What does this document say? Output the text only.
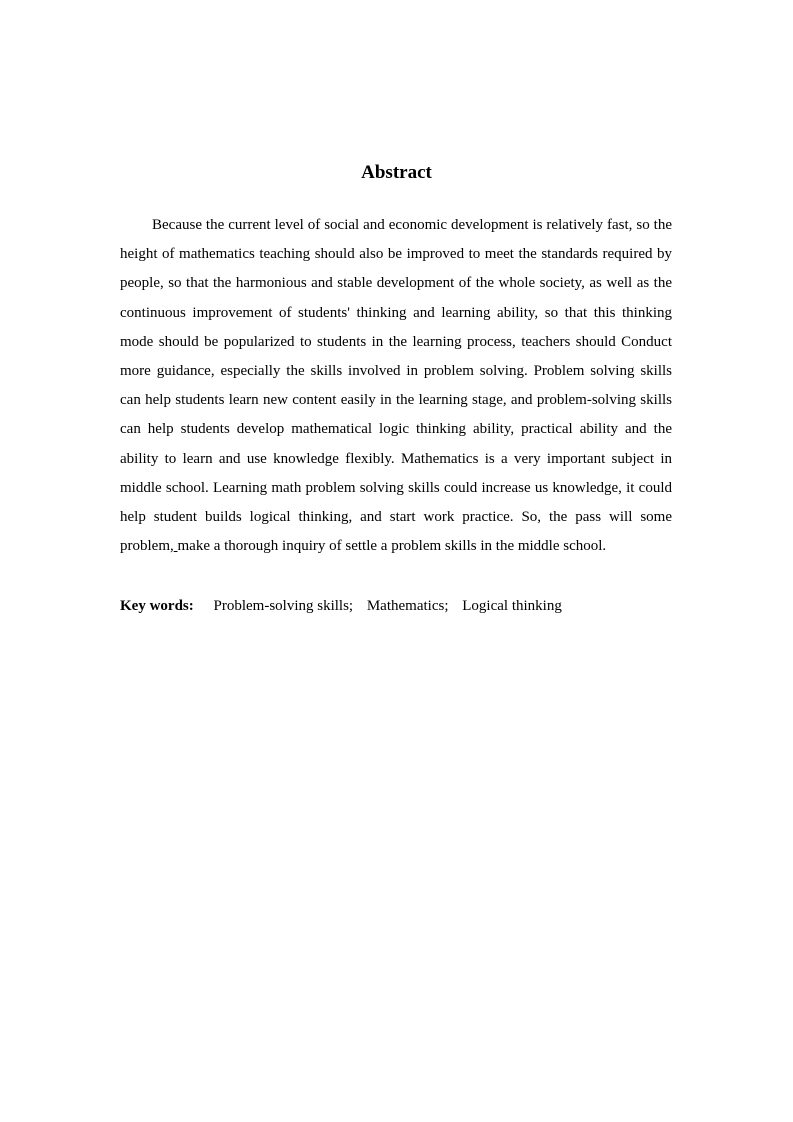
Abstract

Because the current level of social and economic development is relatively fast, so the height of mathematics teaching should also be improved to meet the standards required by people, so that the harmonious and stable development of the whole society, as well as the continuous improvement of students' thinking and learning ability, so that this thinking mode should be popularized to students in the learning process, teachers should Conduct more guidance, especially the skills involved in problem solving. Problem solving skills can help students learn new content easily in the learning stage, and problem-solving skills can help students develop mathematical logic thinking ability, practical ability and the ability to learn and use knowledge flexibly. Mathematics is a very important subject in middle school. Learning math problem solving skills could increase us knowledge, it could help student builds logical thinking, and start work practice. So, the pass will some problem, make a thorough inquiry of settle a problem skills in the middle school.

Key words: Problem-solving skills; Mathematics; Logical thinking
